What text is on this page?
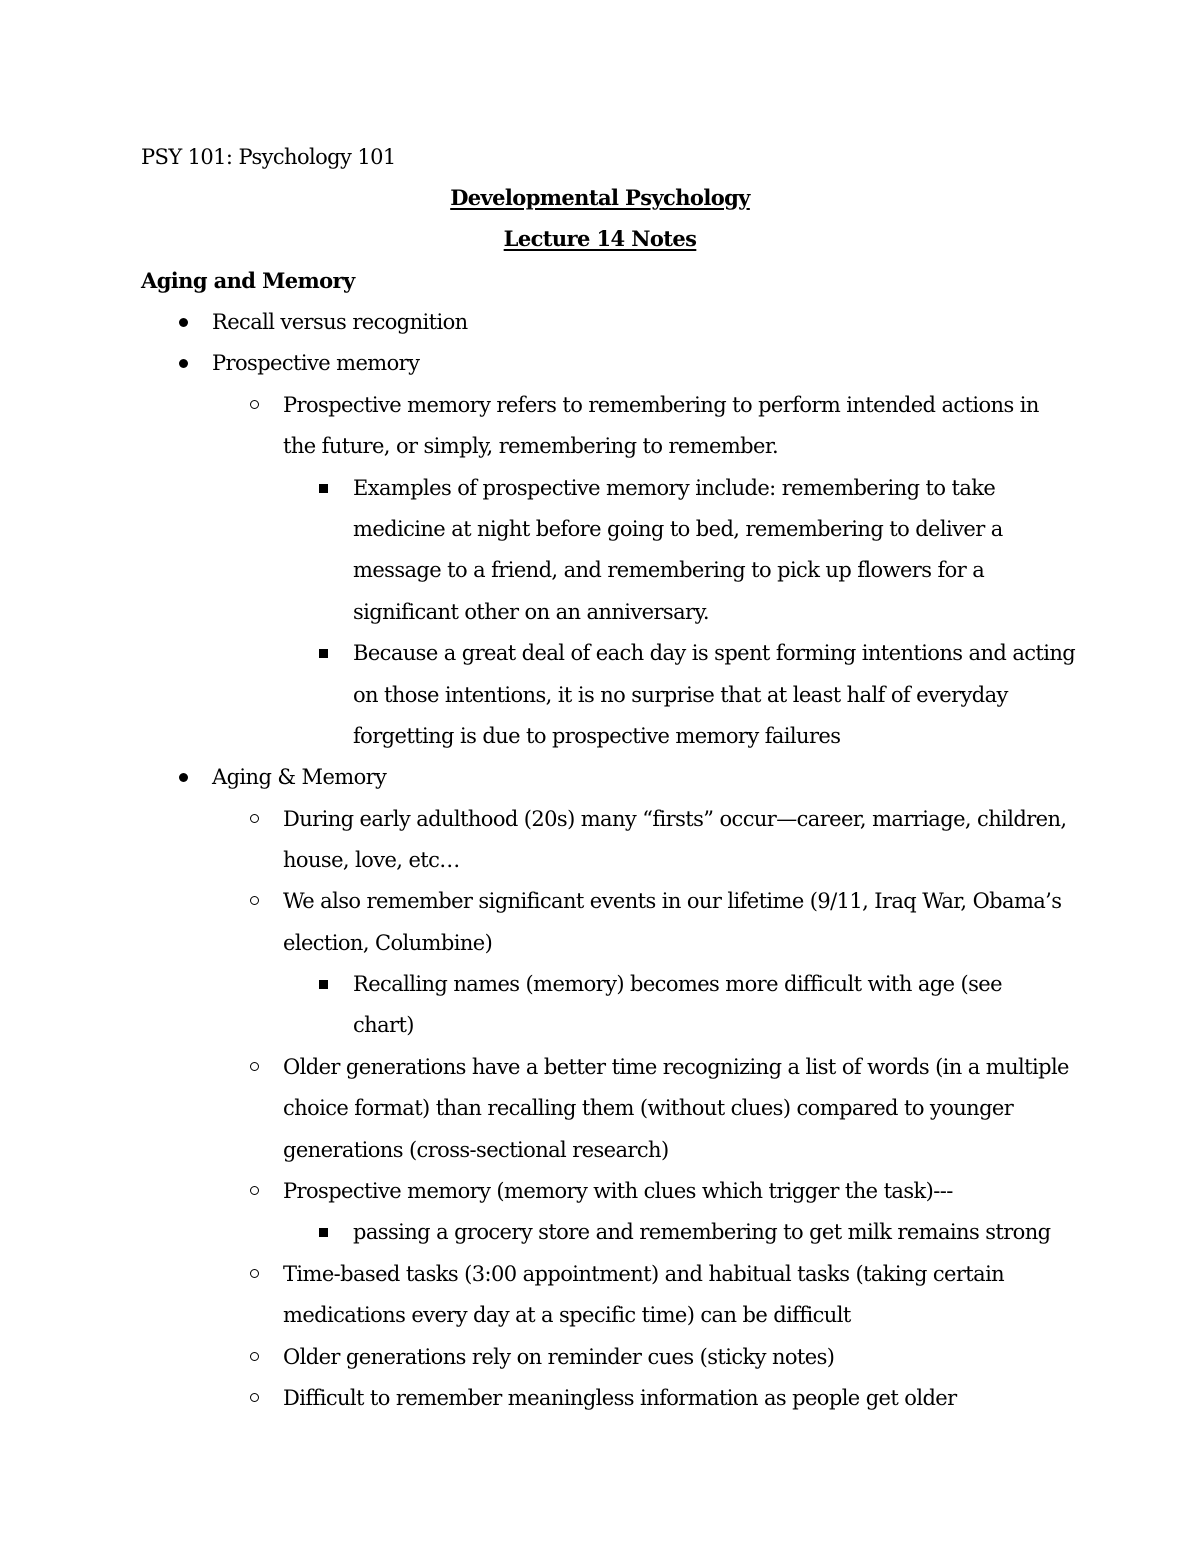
PSY 101: Psychology 101
Developmental Psychology
Lecture 14 Notes
Aging and Memory
Recall versus recognition
Prospective memory
Prospective memory refers to remembering to perform intended actions in
the future, or simply, remembering to remember.
Examples of prospective memory include: remembering to take
medicine at night before going to bed, remembering to deliver a
message to a friend, and remembering to pick up flowers for a
significant other on an anniversary.
Because a great deal of each day is spent forming intentions and acting
on those intentions, it is no surprise that at least half of everyday
forgetting is due to prospective memory failures
Aging & Memory
During early adulthood (20s) many “firsts” occur—career, marriage, children,
house, love, etc…
We also remember significant events in our lifetime (9/11, Iraq War, Obama’s
election, Columbine)
Recalling names (memory) becomes more difficult with age (see
chart)
Older generations have a better time recognizing a list of words (in a multiple
choice format) than recalling them (without clues) compared to younger
generations (cross-sectional research)
Prospective memory (memory with clues which trigger the task)---
passing a grocery store and remembering to get milk remains strong
Time-based tasks (3:00 appointment) and habitual tasks (taking certain
medications every day at a specific time) can be difficult
Older generations rely on reminder cues (sticky notes)
Difficult to remember meaningless information as people get older
